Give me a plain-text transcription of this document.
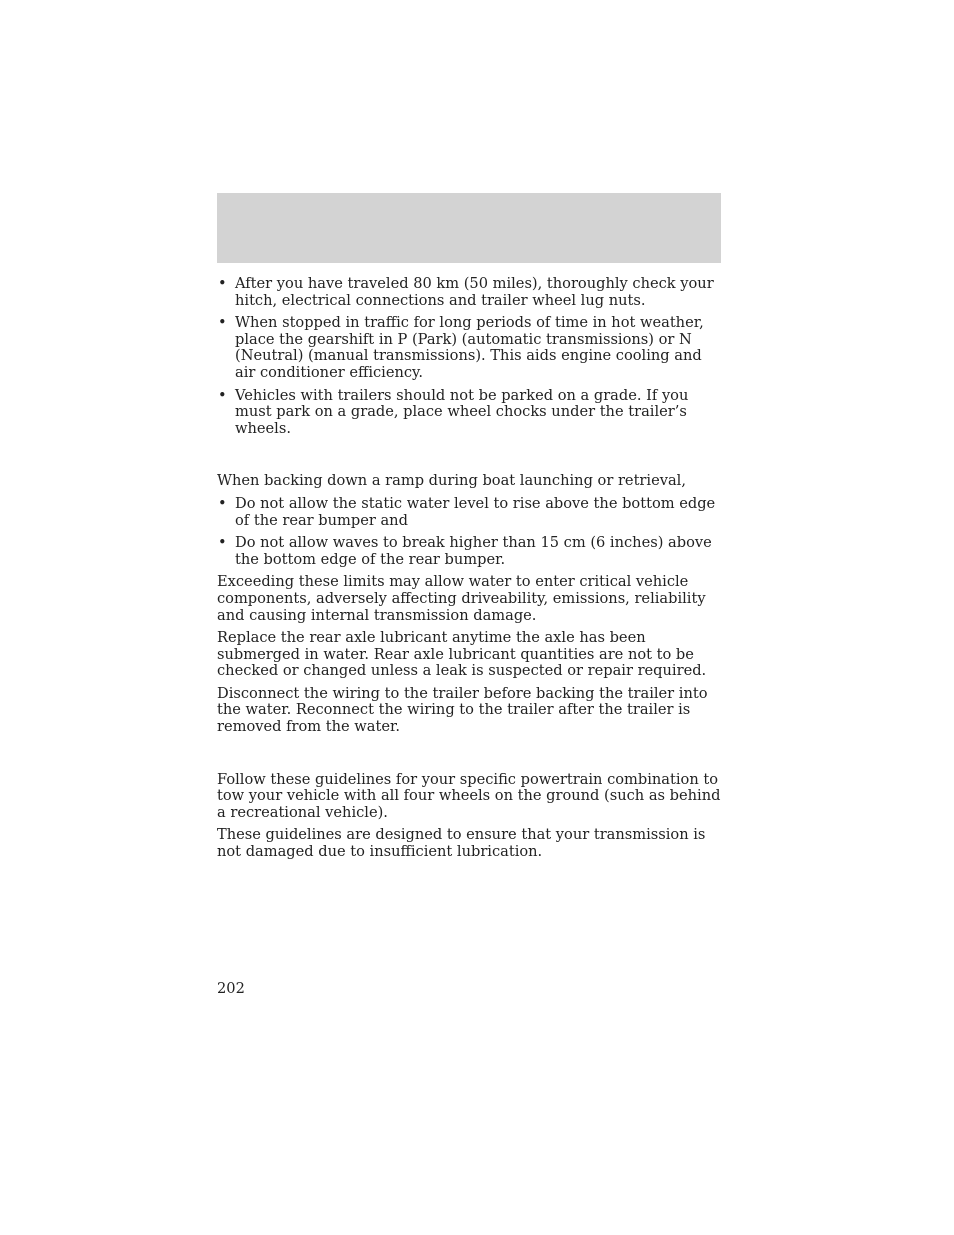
• After you have traveled 80 km (50 miles), thoroughly check your hitch, electrical connections and trailer wheel lug nuts.
• When stopped in traffic for long periods of time in hot weather, place the gearshift in P (Park) (automatic transmissions) or N (Neutral) (manual transmissions). This aids engine cooling and air conditioner efficiency.
• Vehicles with trailers should not be parked on a grade. If you must park on a grade, place wheel chocks under the trailer’s wheels.

When backing down a ramp during boat launching or retrieval,

• Do not allow the static water level to rise above the bottom edge of the rear bumper and
• Do not allow waves to break higher than 15 cm (6 inches) above the bottom edge of the rear bumper.

Exceeding these limits may allow water to enter critical vehicle components, adversely affecting driveability, emissions, reliability and causing internal transmission damage.

Replace the rear axle lubricant anytime the axle has been submerged in water. Rear axle lubricant quantities are not to be checked or changed unless a leak is suspected or repair required.

Disconnect the wiring to the trailer before backing the trailer into the water. Reconnect the wiring to the trailer after the trailer is removed from the water.

Follow these guidelines for your specific powertrain combination to tow your vehicle with all four wheels on the ground (such as behind a recreational vehicle).

These guidelines are designed to ensure that your transmission is not damaged due to insufficient lubrication.

202
